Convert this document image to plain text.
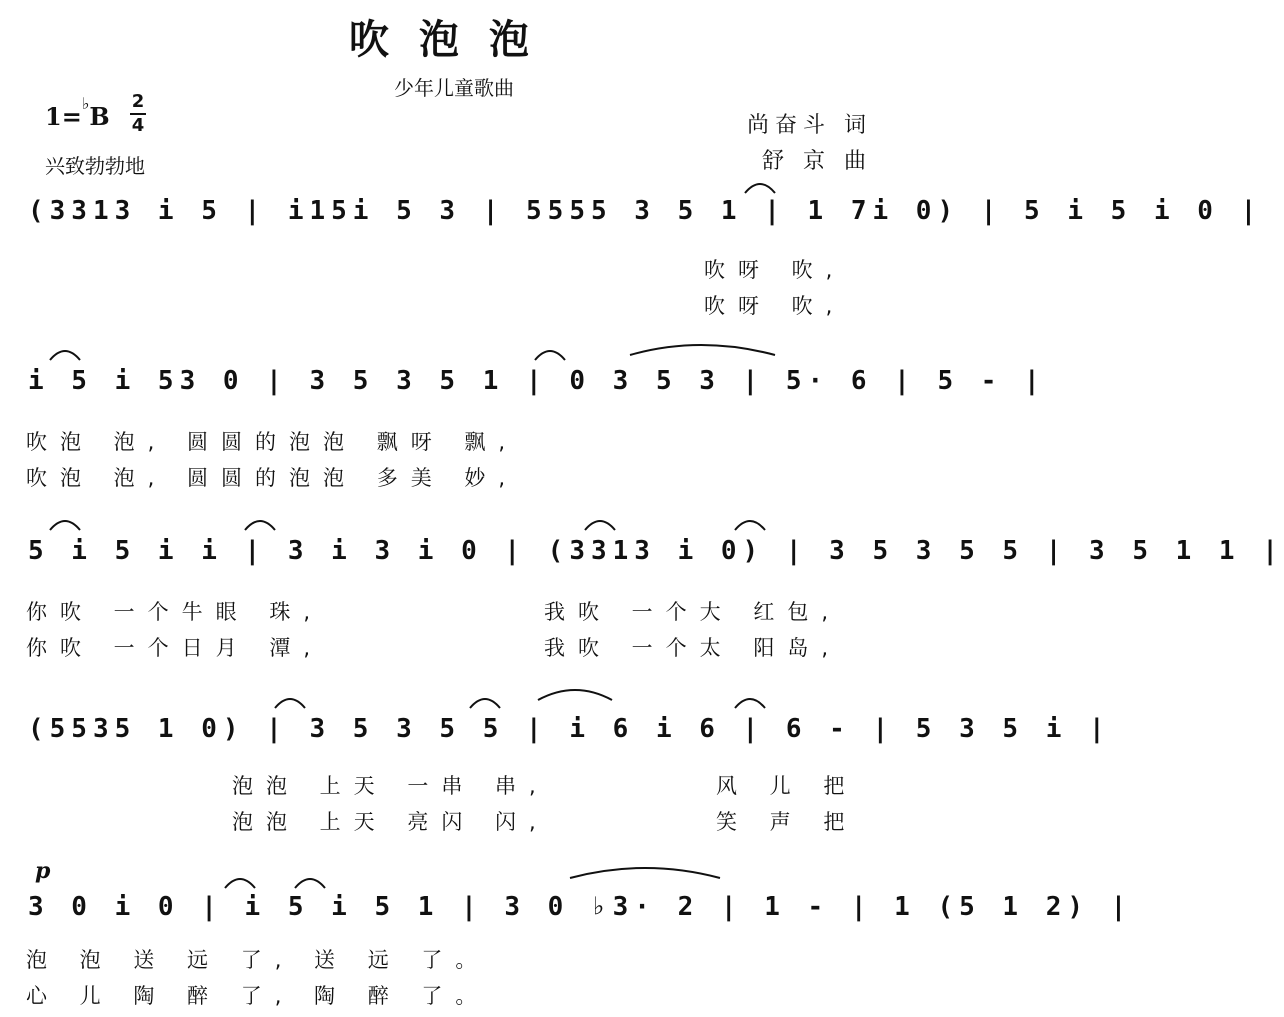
吹泡泡
少年儿童歌曲
1=♭B
2
4
兴致勃勃地
尚奋斗 词
舒 京 曲
(3313 i 5 | i15i 5 3 | 5555 3 5 1 | 1 7i 0) | 5 i 5 i 0 |
吹呀 吹,
吹呀 吹,
i 5 i 53 0 | 3 5 3 5 1 | 0 3 5 3 | 5· 6 | 5 - |
吹泡 泡, 圆圆的泡泡 飘呀 飘,
吹泡 泡, 圆圆的泡泡 多美 妙,
5 i 5 i i | 3 i 3 i 0 | (3313 i 0) | 3 5 3 5 5 | 3 5 1 1 |
你吹 一个牛眼 珠,
你吹 一个日月 潭,
我吹 一个大 红包,
我吹 一个太 阳岛,
(5535 1 0) | 3 5 3 5 5 | i 6 i 6 | 6 - | 5 3 5 i |
泡泡 上天 一串 串,
泡泡 上天 亮闪 闪,
风 儿 把
笑 声 把
p
3 0 i 0 | i 5 i 5 1 | 3 0 ♭3· 2 | 1 - | 1 (5 1 2) |
泡 泡 送 远 了, 送 远 了。
心 儿 陶 醉 了, 陶 醉 了。
